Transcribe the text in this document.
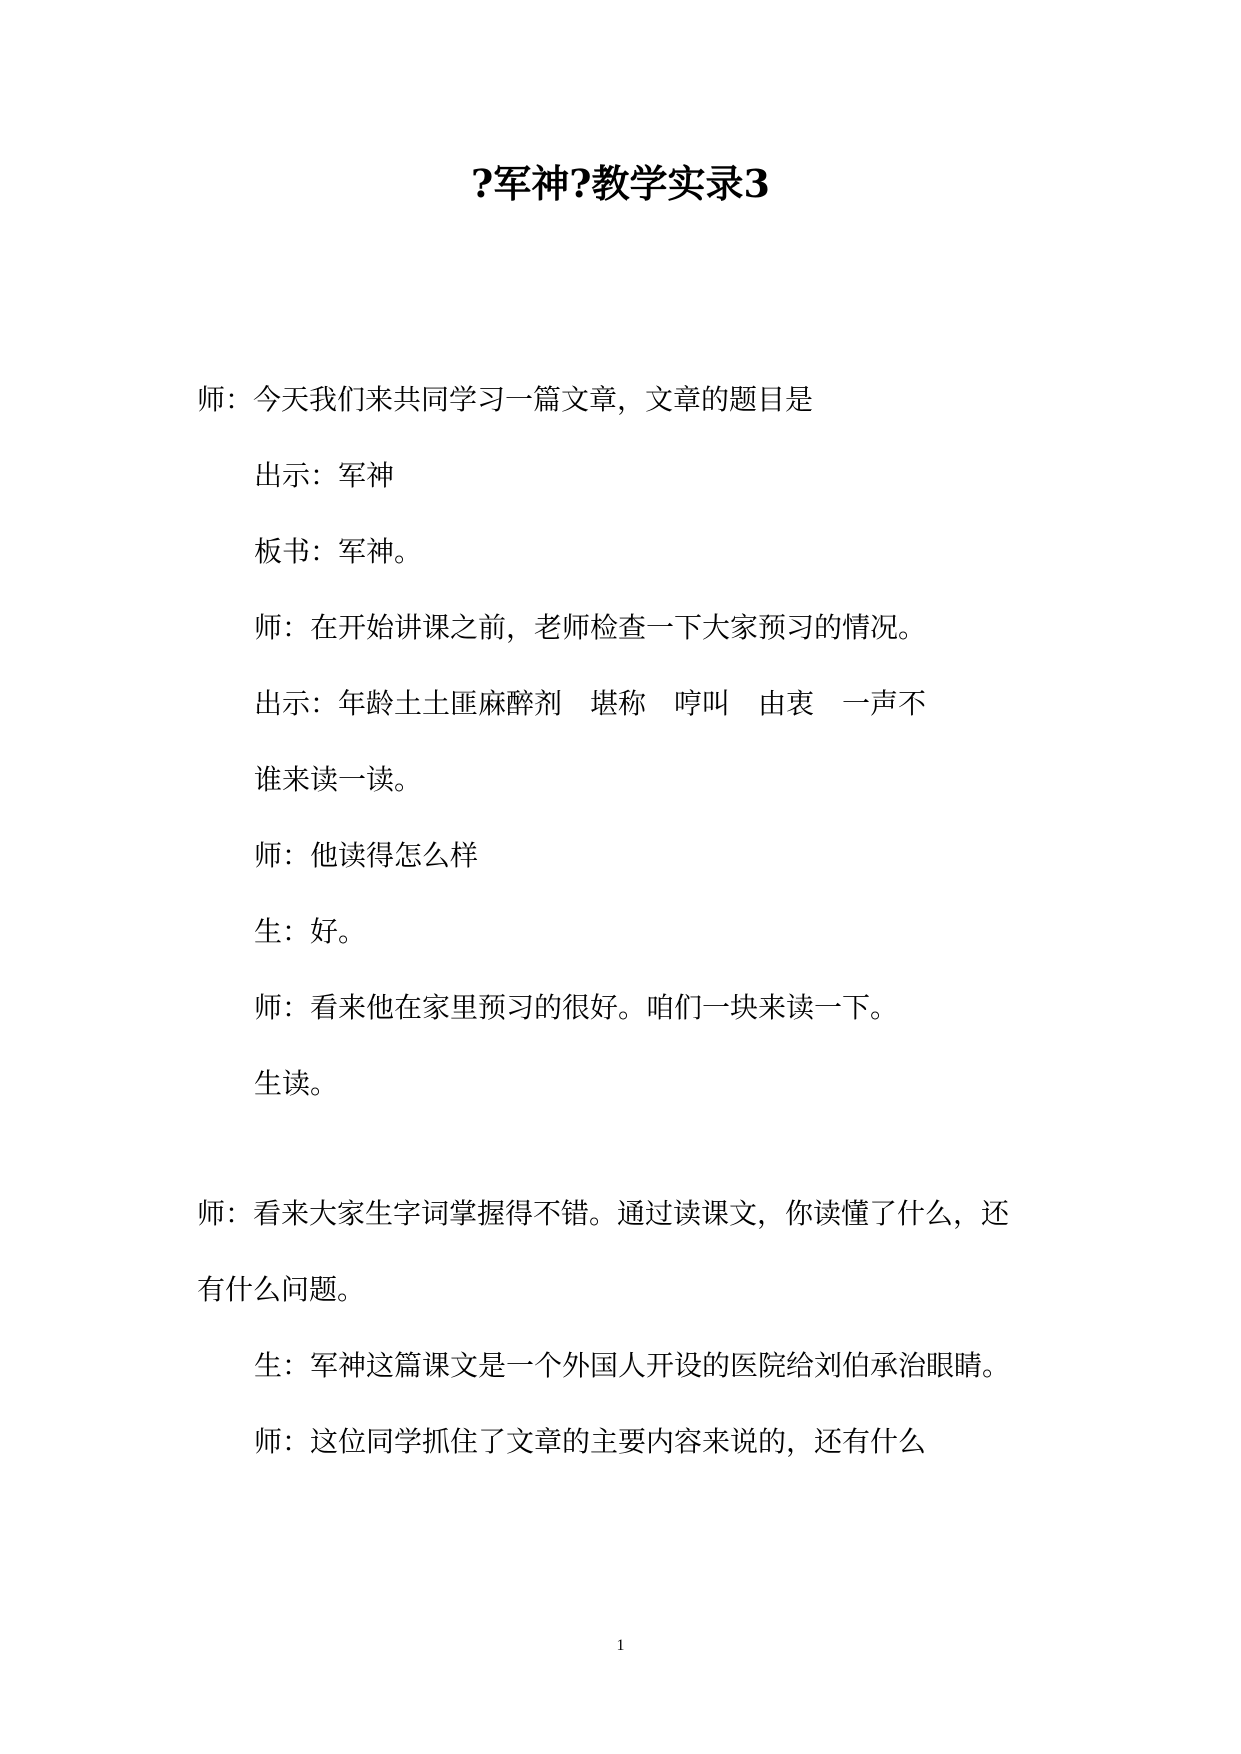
?军神?教学实录3
师：今天我们来共同学习一篇文章，文章的题目是
出示：军神
板书：军神。
师：在开始讲课之前，老师检查一下大家预习的情况。
出示：年龄土土匪麻醉剂　堪称　哼叫　由衷　一声不
谁来读一读。
师：他读得怎么样
生：好。
师：看来他在家里预习的很好。咱们一块来读一下。
生读。
师：看来大家生字词掌握得不错。通过读课文，你读懂了什么，还
有什么问题。
生：军神这篇课文是一个外国人开设的医院给刘伯承治眼睛。
师：这位同学抓住了文章的主要内容来说的，还有什么
1
